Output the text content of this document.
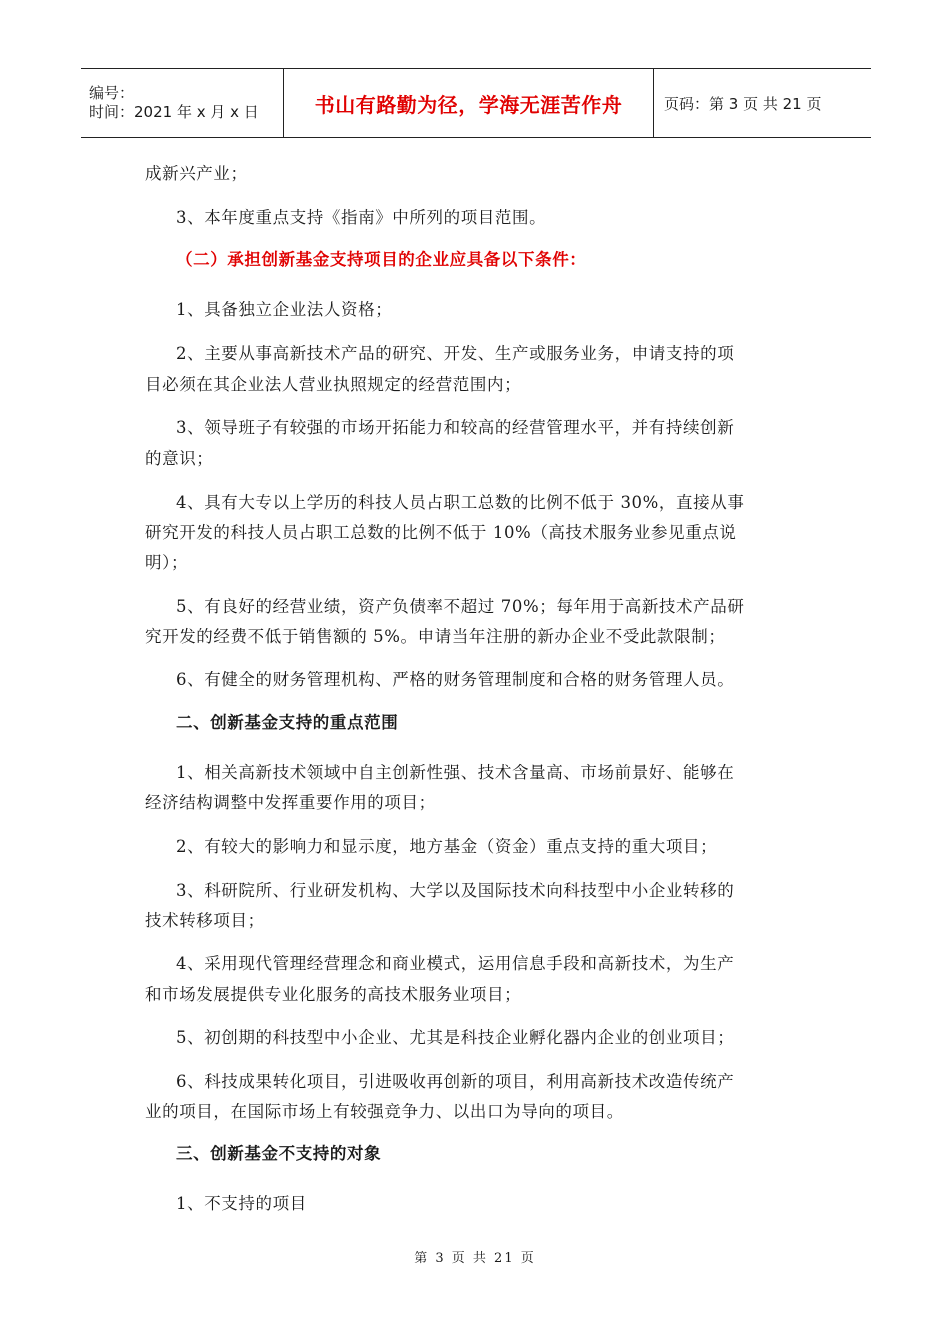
编号：
时间：2021 年 x 月 x 日	书山有路勤为径，学海无涯苦作舟	页码：第 3 页 共 21 页
成新兴产业；
3、本年度重点支持《指南》中所列的项目范围。
（二）承担创新基金支持项目的企业应具备以下条件：
1、具备独立企业法人资格；
2、主要从事高新技术产品的研究、开发、生产或服务业务，申请支持的项
目必须在其企业法人营业执照规定的经营范围内；
3、领导班子有较强的市场开拓能力和较高的经营管理水平，并有持续创新
的意识；
4、具有大专以上学历的科技人员占职工总数的比例不低于 30%，直接从事
研究开发的科技人员占职工总数的比例不低于 10%（高技术服务业参见重点说
明）；
5、有良好的经营业绩，资产负债率不超过 70%；每年用于高新技术产品研
究开发的经费不低于销售额的 5%。申请当年注册的新办企业不受此款限制；
6、有健全的财务管理机构、严格的财务管理制度和合格的财务管理人员。
二、创新基金支持的重点范围
1、相关高新技术领域中自主创新性强、技术含量高、市场前景好、能够在
经济结构调整中发挥重要作用的项目；
2、有较大的影响力和显示度，地方基金（资金）重点支持的重大项目；
3、科研院所、行业研发机构、大学以及国际技术向科技型中小企业转移的
技术转移项目；
4、采用现代管理经营理念和商业模式，运用信息手段和高新技术，为生产
和市场发展提供专业化服务的高技术服务业项目；
5、初创期的科技型中小企业、尤其是科技企业孵化器内企业的创业项目；
6、科技成果转化项目，引进吸收再创新的项目，利用高新技术改造传统产
业的项目，在国际市场上有较强竞争力、以出口为导向的项目。
三、创新基金不支持的对象
1、不支持的项目
第 3 页 共 21 页
